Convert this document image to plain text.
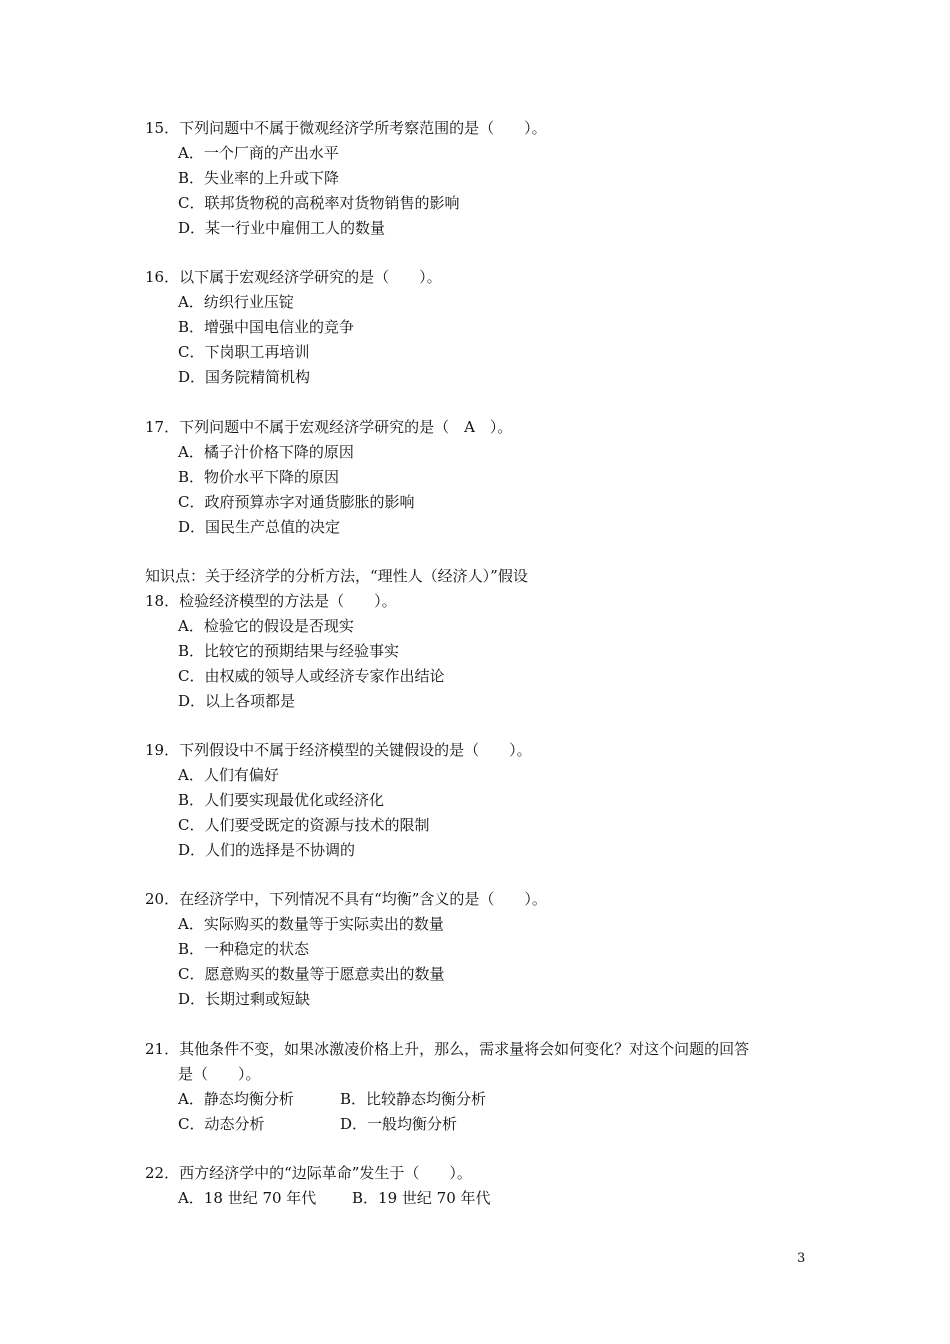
15．下列问题中不属于微观经济学所考察范围的是（　　）。
A．一个厂商的产出水平
B．失业率的上升或下降
C．联邦货物税的高税率对货物销售的影响
D．某一行业中雇佣工人的数量
16．以下属于宏观经济学研究的是（　　）。
A．纺织行业压锭
B．增强中国电信业的竞争
C．下岗职工再培训
D．国务院精简机构
17．下列问题中不属于宏观经济学研究的是（　A　）。
A．橘子汁价格下降的原因
B．物价水平下降的原因
C．政府预算赤字对通货膨胀的影响
D．国民生产总值的决定
知识点：关于经济学的分析方法，“理性人（经济人）”假设
18．检验经济模型的方法是（　　）。
A．检验它的假设是否现实
B．比较它的预期结果与经验事实
C．由权威的领导人或经济专家作出结论
D．以上各项都是
19．下列假设中不属于经济模型的关键假设的是（　　）。
A．人们有偏好
B．人们要实现最优化或经济化
C．人们要受既定的资源与技术的限制
D．人们的选择是不协调的
20．在经济学中，下列情况不具有“均衡”含义的是（　　）。
A．实际购买的数量等于实际卖出的数量
B．一种稳定的状态
C．愿意购买的数量等于愿意卖出的数量
D．长期过剩或短缺
21．其他条件不变，如果冰激凌价格上升，那么，需求量将会如何变化？对这个问题的回答
是（　　）。
A．静态均衡分析	B．比较静态均衡分析
C．动态分析	D．一般均衡分析
22．西方经济学中的“边际革命”发生于（　　）。
A．18 世纪 70 年代 B．19 世纪 70 年代
3
